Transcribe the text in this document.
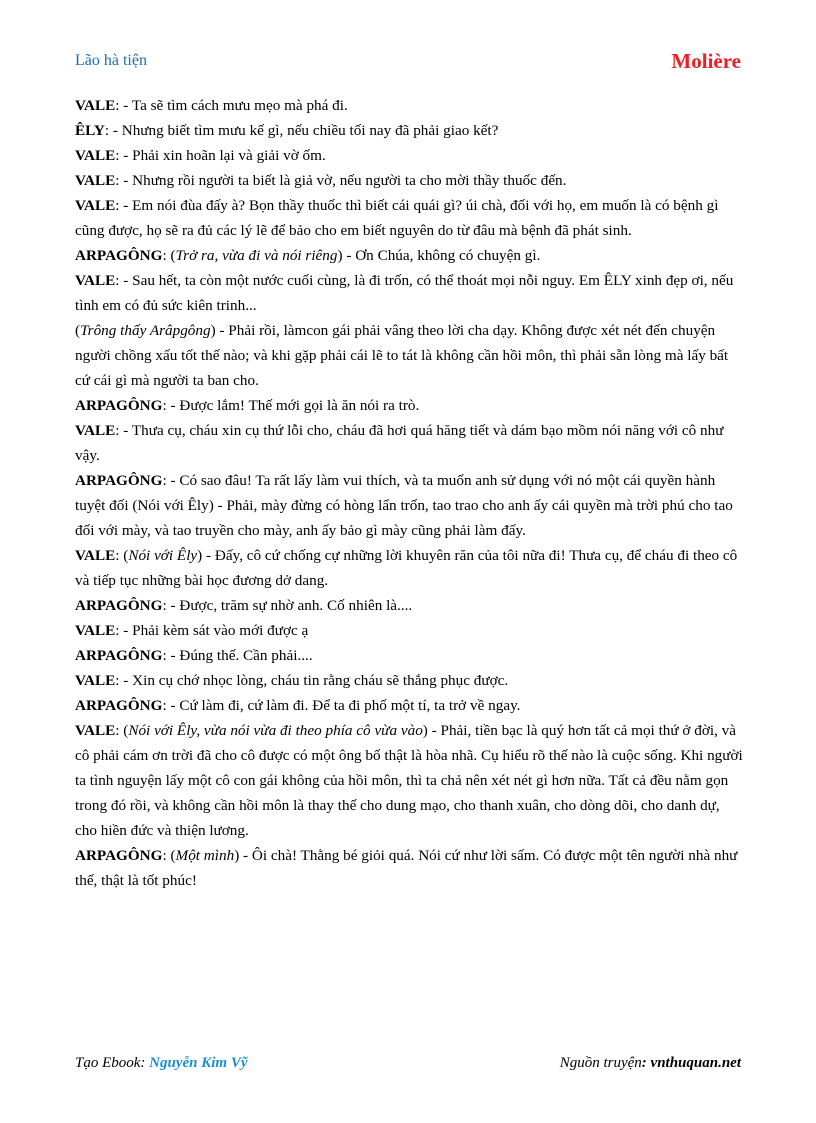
Lão hà tiện	Molière

VALE: - Ta sẽ tìm cách mưu mẹo mà phá đi.

ÊLY: - Nhưng biết tìm mưu kế gì, nếu chiều tối nay đã phải giao kết?

VALE: - Phải xin hoãn lại và giải vờ ốm.

VALE: - Nhưng rồi người ta biết là giả vờ, nếu người ta cho mời thầy thuốc đến.

VALE: - Em nói đùa đấy à? Bọn thầy thuốc thì biết cái quái gì? úi chà, đối với họ, em muốn là có bệnh gì cũng được, họ sẽ ra đủ các lý lẽ để bảo cho em biết nguyên do từ đâu mà bệnh đã phát sinh.

ARPAGÔNG: (Trở ra, vừa đi và nói riêng) - Ơn Chúa, không có chuyện gì.

VALE: - Sau hết, ta còn một nước cuối cùng, là đi trốn, có thể thoát mọi nỗi nguy. Em ÊLY xinh đẹp ơi, nếu tình em có đủ sức kiên trinh...

(Trông thấy Arâpgông) - Phải rồi, làmcon gái phải vâng theo lời cha dạy. Không được xét nét đến chuyện người chồng xấu tốt thế nào; và khi gặp phải cái lẽ to tát là không cần hồi môn, thì phải sẵn lòng mà lấy bất cứ cái gì mà người ta ban cho.

ARPAGÔNG: - Được lắm! Thế mới gọi là ăn nói ra trò.

VALE: - Thưa cụ, cháu xin cụ thứ lỗi cho, cháu đã hơi quá hăng tiết và dám bạo mồm nói năng với cô như vậy.

ARPAGÔNG: - Có sao đâu! Ta rất lấy làm vui thích, và ta muốn anh sử dụng với nó một cái quyền hành tuyệt đối (Nói với Êly) - Phải, mày đừng có hòng lẩn trốn, tao trao cho anh ấy cái quyền mà trời phú cho tao đối với mày, và tao truyền cho mày, anh ấy bảo gì mày cũng phải làm đấy.

VALE: (Nói với Êly) - Đấy, cô cứ chống cự những lời khuyên răn của tôi nữa đi! Thưa cụ, để cháu đi theo cô và tiếp tục những bài học đương dở dang.

ARPAGÔNG: - Được, trăm sự nhờ anh. Cố nhiên là....

VALE: - Phải kèm sát vào mới được ạ

ARPAGÔNG: - Đúng thế. Cần phải....

VALE: - Xin cụ chớ nhọc lòng, cháu tin rằng cháu sẽ thắng phục được.

ARPAGÔNG: - Cứ làm đi, cứ làm đi. Để ta đi phố một tí, ta trở về ngay.

VALE: (Nói với Êly, vừa nói vừa đi theo phía cô vừa vào) - Phải, tiền bạc là quý hơn tất cả mọi thứ ở đời, và cô phải cám ơn trời đã cho cô được có một ông bố thật là hòa nhã. Cụ hiểu rõ thế nào là cuộc sống. Khi người ta tình nguyện lấy một cô con gái không của hồi môn, thì ta chả nên xét nét gì hơn nữa. Tất cả đều nằm gọn trong đó rồi, và không cần hồi môn là thay thế cho dung mạo, cho thanh xuân, cho dòng dõi, cho danh dự, cho hiền đức và thiện lương.

ARPAGÔNG: (Một mình) - Ôi chà! Thằng bé giỏi quá. Nói cứ như lời sấm. Có được một tên người nhà như thế, thật là tốt phúc!

Tạo Ebook: Nguyễn Kim Vỹ	Nguồn truyện: vnthuquan.net
